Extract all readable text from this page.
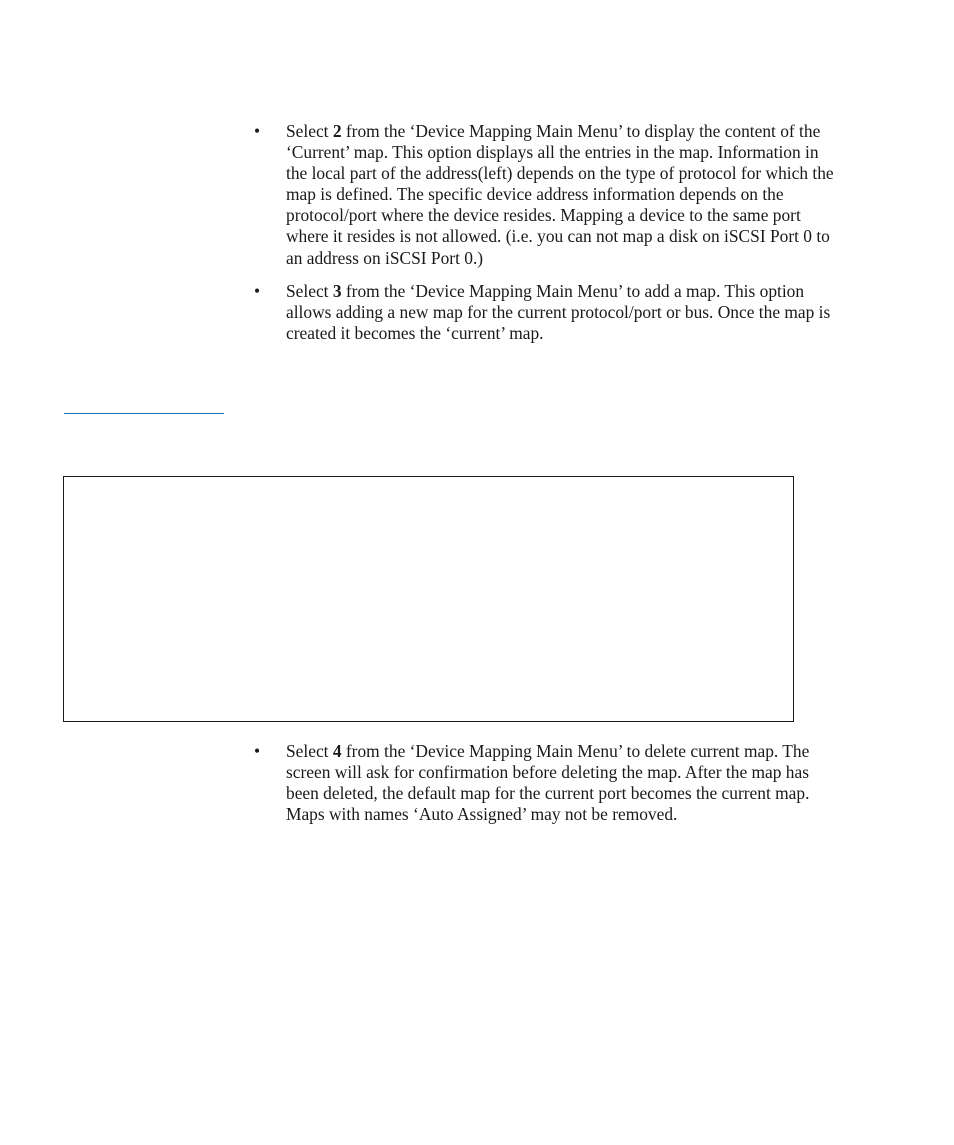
•	Select 2 from the ‘Device Mapping Main Menu’ to display the content of the ‘Current’ map. This option displays all the entries in the map. Information in the local part of the address(left) depends on the type of protocol for which the map is defined. The specific device address information depends on the protocol/port where the device resides. Mapping a device to the same port where it resides is not allowed. (i.e. you can not map a disk on iSCSI Port 0 to an address on iSCSI Port 0.)
•	Select 3 from the ‘Device Mapping Main Menu’ to add a map. This option allows adding a new map for the current protocol/port or bus. Once the map is created it becomes the ‘current’ map.
•	Select 4 from the ‘Device Mapping Main Menu’ to delete current map. The screen will ask for confirmation before deleting the map. After the map has been deleted, the default map for the current port becomes the current map. Maps with names ‘Auto Assigned’ may not be removed.
